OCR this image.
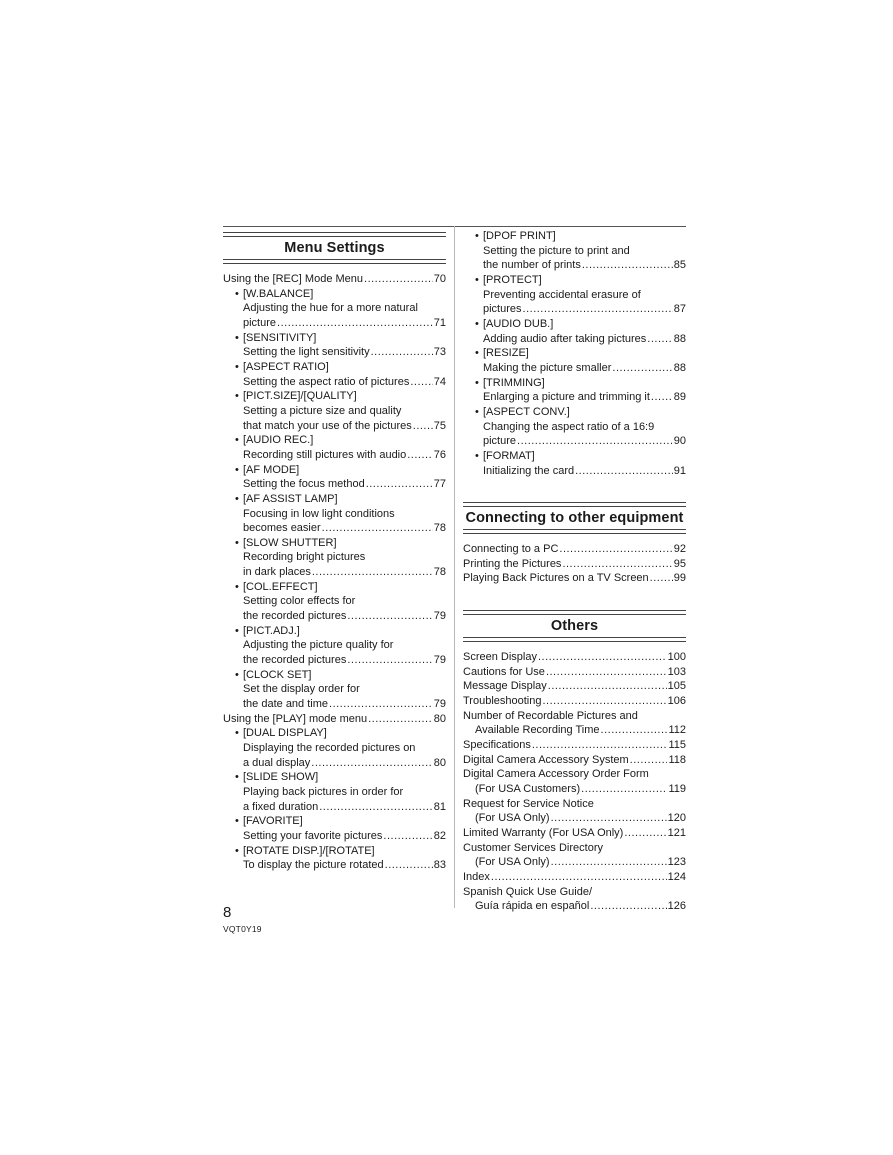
Menu Settings
Using the [REC] Mode Menu .....	70
• [W.BALANCE]
Adjusting the hue for a more natural
picture .....	71
• [SENSITIVITY]
Setting the light sensitivity .....	73
• [ASPECT RATIO]
Setting the aspect ratio of pictures ..... 74
• [PICT.SIZE]/[QUALITY]
Setting a picture size and quality
that match your use of the pictures ..... 75
• [AUDIO REC.]
Recording still pictures with audio .....	76
• [AF MODE]
Setting the focus method .....	77
• [AF ASSIST LAMP]
Focusing in low light conditions
becomes easier .....	78
• [SLOW SHUTTER]
Recording bright pictures
in dark places .....	78
• [COL.EFFECT]
Setting color effects for
the recorded pictures .....	79
• [PICT.ADJ.]
Adjusting the picture quality for
the recorded pictures .....	79
• [CLOCK SET]
Set the display order for
the date and time .....	79
Using the [PLAY] mode menu .....	80
• [DUAL DISPLAY]
Displaying the recorded pictures on
a dual display .....	80
• [SLIDE SHOW]
Playing back pictures in order for
a fixed duration .....	81
• [FAVORITE]
Setting your favorite pictures .....	82
• [ROTATE DISP.]/[ROTATE]
To display the picture rotated .....	83
• [DPOF PRINT]
Setting the picture to print and
the number of prints .....	85
• [PROTECT]
Preventing accidental erasure of
pictures .....	87
• [AUDIO DUB.]
Adding audio after taking pictures ..... 88
• [RESIZE]
Making the picture smaller .....	88
• [TRIMMING]
Enlarging a picture and trimming it ..... 89
• [ASPECT CONV.]
Changing the aspect ratio of a 16:9
picture .....	90
• [FORMAT]
Initializing the card .....	91
Connecting to other equipment
Connecting to a PC .....	92
Printing the Pictures .....	95
Playing Back Pictures on a TV Screen ..... 99
Others
Screen Display .....	100
Cautions for Use .....	103
Message Display .....	105
Troubleshooting .....	106
Number of Recordable Pictures and
Available Recording Time .....	112
Specifications .....	115
Digital Camera Accessory System .....	118
Digital Camera Accessory Order Form
(For USA Customers) .....	119
Request for Service Notice
(For USA Only) .....	120
Limited Warranty (For USA Only) .....	121
Customer Services Directory
(For USA Only) .....	123
Index .....	124
Spanish Quick Use Guide/
Guía rápida en español .....	126
8
VQT0Y19
